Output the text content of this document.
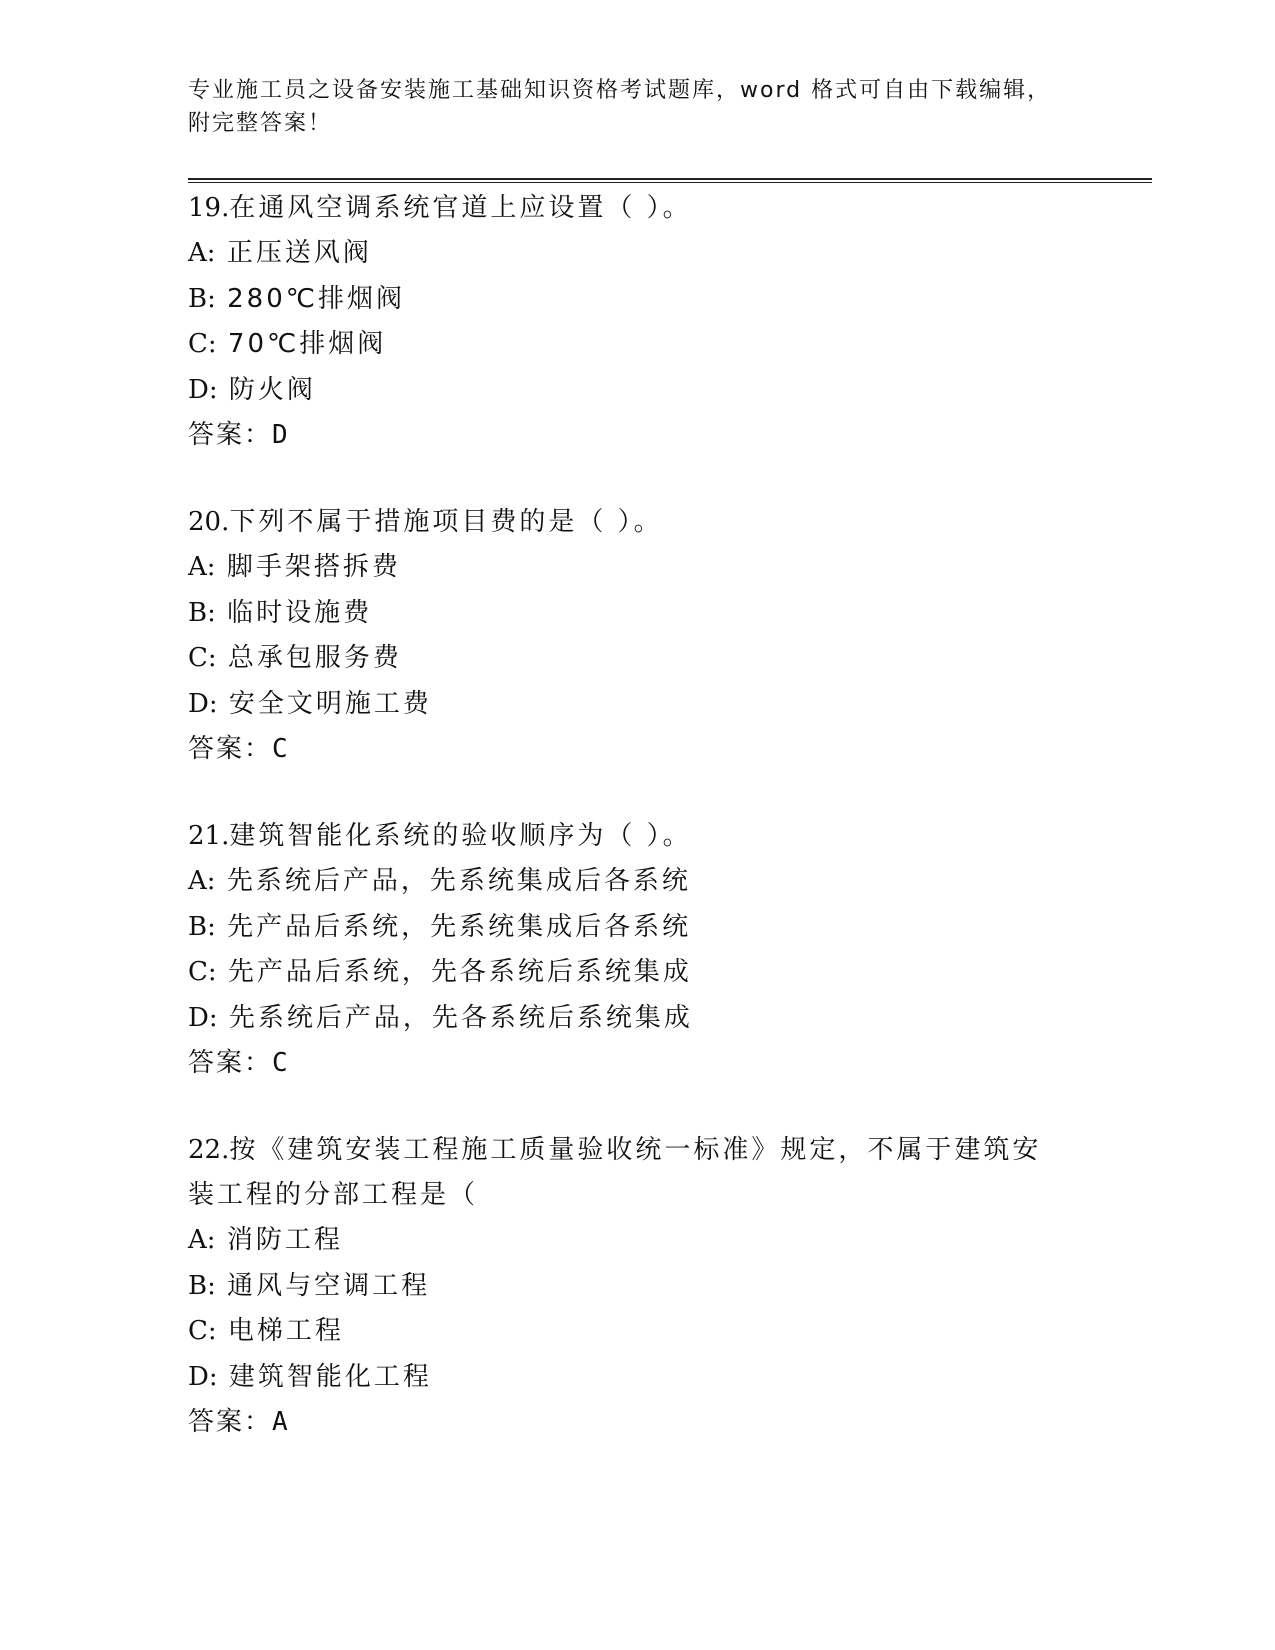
专业施工员之设备安装施工基础知识资格考试题库，word 格式可自由下载编辑，附完整答案！
19.在通风空调系统官道上应设置（ ）。
A: 正压送风阀
B: 280℃排烟阀
C: 70℃排烟阀
D: 防火阀
答案：D
20.下列不属于措施项目费的是（ ）。
A: 脚手架搭拆费
B: 临时设施费
C: 总承包服务费
D: 安全文明施工费
答案：C
21.建筑智能化系统的验收顺序为（ ）。
A: 先系统后产品，先系统集成后各系统
B: 先产品后系统，先系统集成后各系统
C: 先产品后系统，先各系统后系统集成
D: 先系统后产品，先各系统后系统集成
答案：C
22.按《建筑安装工程施工质量验收统一标准》规定，不属于建筑安装工程的分部工程是（
A: 消防工程
B: 通风与空调工程
C: 电梯工程
D: 建筑智能化工程
答案：A
